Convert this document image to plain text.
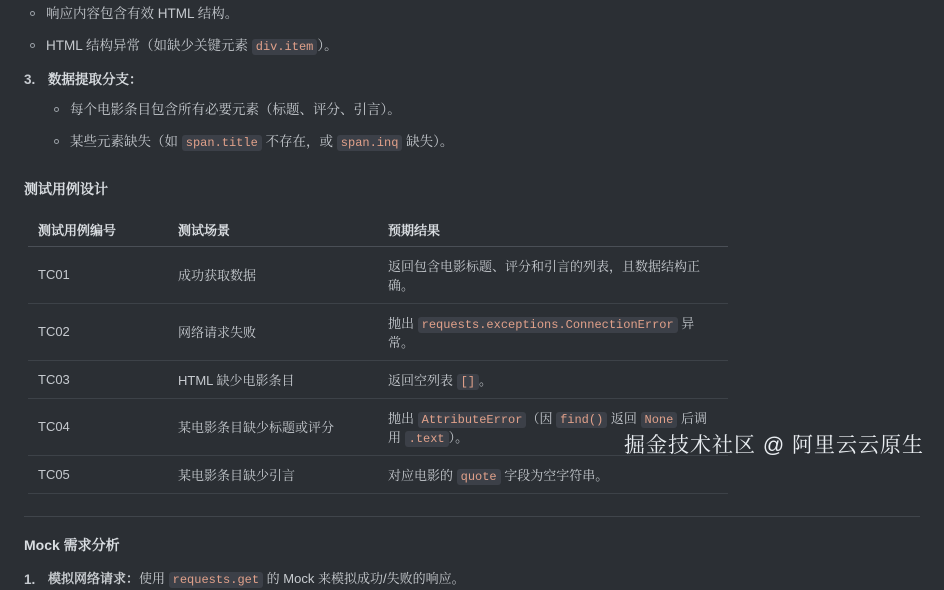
响应内容包含有效 HTML 结构。
HTML 结构异常（如缺少关键元素 div.item ）。
3. 数据提取分支：
每个电影条目包含所有必要元素（标题、评分、引言）。
某些元素缺失（如 span.title 不存在，或 span.inq 缺失）。
测试用例设计
测试用例编号	测试场景	预期结果
TC01	成功获取数据	返回包含电影标题、评分和引言的列表，且数据结构正确。
TC02	网络请求失败	抛出 requests.exceptions.ConnectionError 异常。
TC03	HTML 缺少电影条目	返回空列表 [] 。
TC04	某电影条目缺少标题或评分	抛出 AttributeError （因 find() 返回 None 后调用 .text ）。
TC05	某电影条目缺少引言	对应电影的 quote 字段为空字符串。
Mock 需求分析
1. 模拟网络请求：使用 requests.get 的 Mock 来模拟成功/失败的响应。
掘金技术社区 @ 阿里云云原生
